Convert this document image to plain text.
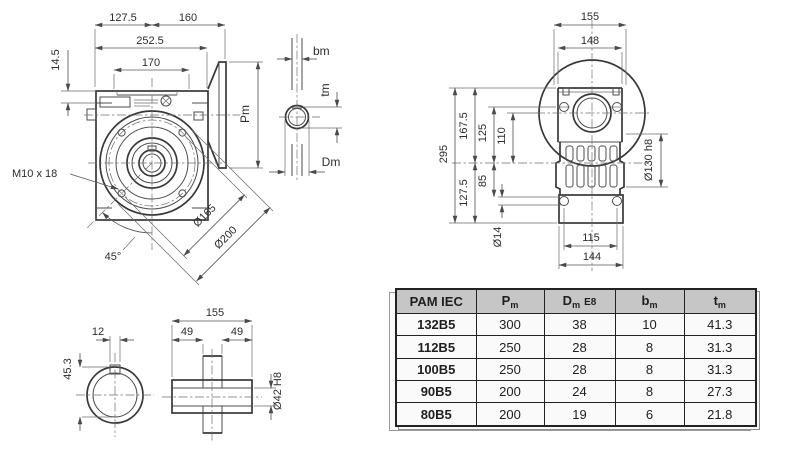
127.5	160
252.5
170
14.5
Pm
M10 x 18
45°
Ø165
Ø200
bm
tm
Dm
155
148
295
167.5
127.5
125 110
85
Ø14	115
144
Ø130 h8
12
45.3
155
49	49
Ø42 H8
PAM IEC	$P_m$	$D_m$ E8	$b_m$	$t_m$
132B5	300	38	10	41.3
112B5	250	28	8	31.3
100B5	250	28	8	31.3
90B5	200	24	8	27.3
80B5	200	19	6	21.8
